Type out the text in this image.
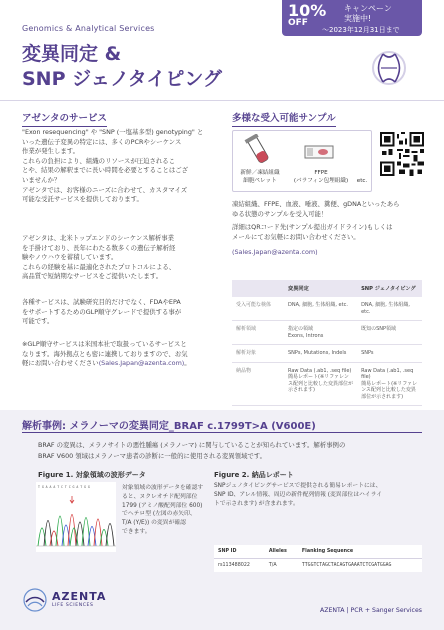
Genomics & Analytical Services
変異同定 &
SNP ジェノタイピング
10%
OFF
キャンペーン
実施中!
〜2023年12月31日まで
アゼンタのサービス
"Exon resequencing" や "SNP (一塩基多型) genotyping" と
いった遺伝子変異の特定には、多くのPCRやシーケンス
作業が発生します。
これらの負担により、組織のリソースが圧迫されるこ
とや、結果の解釈までに長い時間を必要とすることはござ
いませんか？
アゼンタでは、お客様のニーズに合わせて、カスタマイズ
可能な受託サービスを提供しております。
アゼンタは、北米トップエンドのシーケンス解析事業
を手掛けており、長年にわたる数多くの遺伝子解析経
験やノウハウを蓄積しています。
これらの経験を基に最適化されたプロトコルによる、
高品質で短納期なサービスをご提供いたします。
各種サービスは、試験研究目的だけでなく、FDAやEPA
をサポートするためのGLP順守グレードで提供する事が
可能です。
※GLP順守サービスは米国本社で取扱っているサービスと
なります。海外拠点とも密に連携しておりますので、お気
軽にお問い合わせください(Sales.Japan@azenta.com)。
多様な受入可能サンプル
新鮮／凍結組織
細胞ペレット
FFPE
(パラフィン包埋組織)	etc.
凍結組織、FFPE、血液、唾液、糞便、gDNAといったあら
ゆる状態のサンプルを受入可能！
詳細はQRコード先(サンプル提出ガイドライン)もしくは
メールにてお気軽にお問い合わせください。
(Sales.Japan@azenta.com)
	変異同定	SNP ジェノタイピング
受入可能な検体	DNA, 細胞, 生体組織, etc.	DNA, 細胞, 生体組織, etc.
解析領域	指定の領域
Exons, Introns	既知のSNP領域
解析対象	SNPs, Mutations, Indels	SNPs
納品物	Raw Data (.ab1, .seq file)
簡易レポート(※リファレンス配列と比較した変異部位が示されます)	Raw Data (.ab1, .seq file)
簡易レポート(※リファレンス配列と比較した変異部位が示されます)
解析事例: メラノーマの変異同定_BRAF c.1799T>A (V600E)
BRAF の変異は、メラノサイトの悪性腫瘍 (メラノーマ) に関与していることが知られています。解析事例の
BRAF V600 領域はメラノーマ患者の診断に一般的に使用される変異領域です。
Figure 1. 対象領域の波形データ
T G A A A T C T C G A T G G	対象領域の波形データを確認す
ると、ヌクレオチド配列部位
1799 (アミノ酸配列部位 600)
でヘテロ型 (左図の赤矢印、
T/A (Y/E)) の変異が確認
できます。
Figure 2. 納品レポート
SNPジェノタイピングサービスで提供される簡易レポートには、
SNP ID、アレル情報、周辺の新件配列情報 (変異部位はハイライ
トで示されます) が含まれます。
SNP ID	Alleles	Flanking Sequence
rs113488022	T/A	TTGGTCTAGCTACAGTGAAATCTCGATGGAG
AZENTA
LIFE SCIENCES
AZENTA | PCR + Sanger Services
